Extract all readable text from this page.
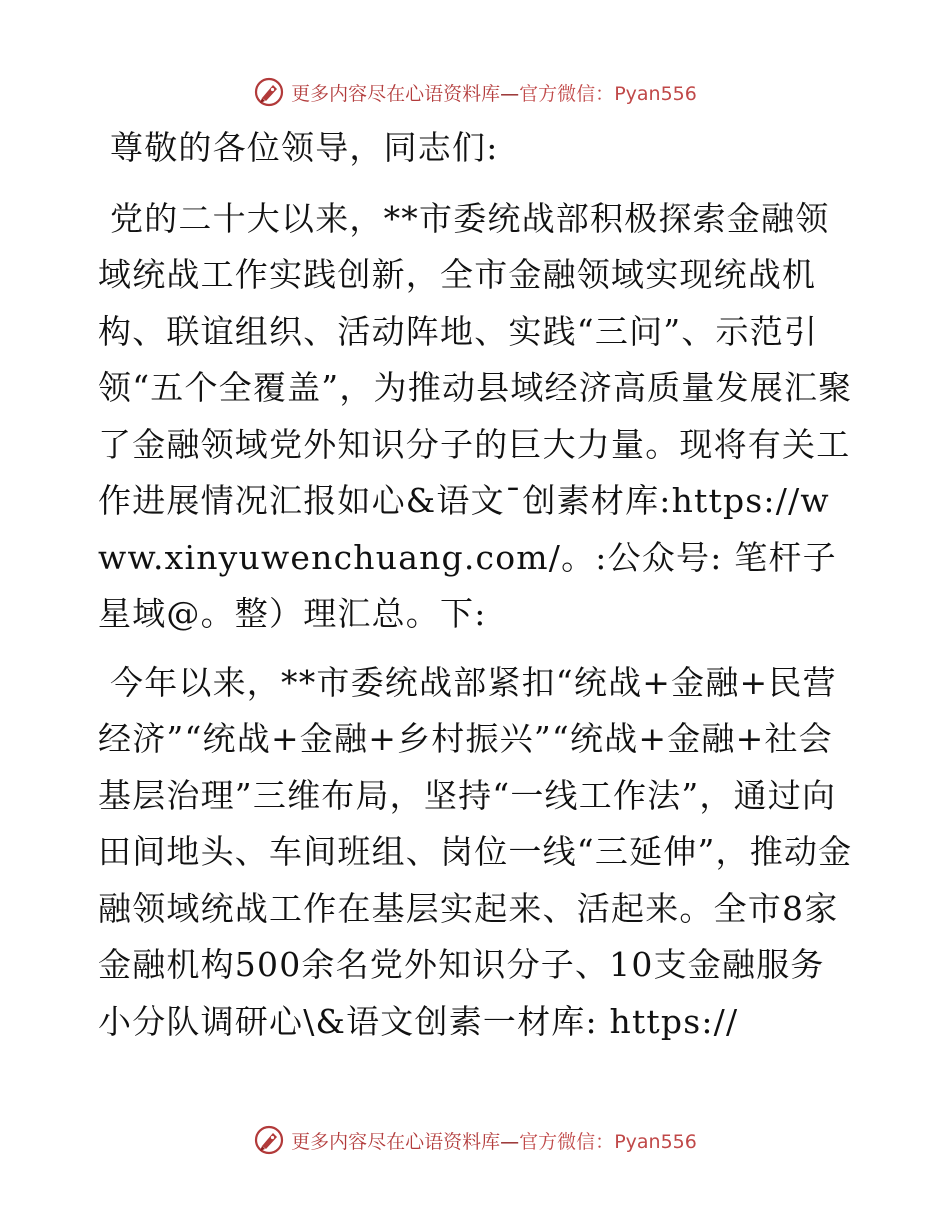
更多内容尽在心语资料库—官方微信：Pyan556

尊敬的各位领导，同志们:

党的二十大以来，**市委统战部积极探索金融领域统战工作实践创新，全市金融领域实现统战机构、联谊组织、活动阵地、实践“三问”、示范引领“五个全覆盖”，为推动县域经济高质量发展汇聚了金融领域党外知识分子的巨大力量。现将有关工作进展情况汇报如心&语文¯创素材库:https://www.xinyuwenchuang.com/。:公众号: 笔杆子星域@。整）理汇总。下:

今年以来，**市委统战部紧扣“统战+金融+民营经济”“统战+金融+乡村振兴”“统战+金融+社会基层治理”三维布局，坚持“一线工作法”，通过向田间地头、车间班组、岗位一线“三延伸”，推动金融领域统战工作在基层实起来、活起来。全市8家金融机构500余名党外知识分子、10支金融服务小分队调研心\&语文创素一材库: https://

更多内容尽在心语资料库—官方微信：Pyan556
